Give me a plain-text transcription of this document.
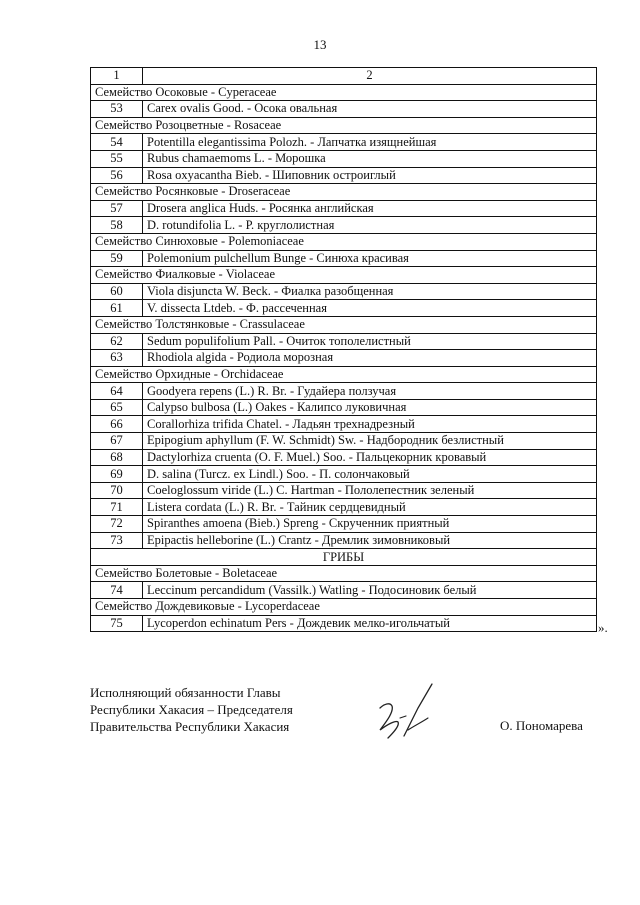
13
1	2
Семейство Осоковые - Cyperaceae	
53	Carex ovalis Good. - Осока овальная
Семейство Розоцветные - Rosaceae	
54	Potentilla elegantissima Polozh. - Лапчатка изящнейшая
55	Rubus chamaemoms L. - Морошка
56	Rosa oxyacantha Bieb. - Шиповник остроиглый
Семейство Росянковые - Droseraceae	
57	Drosera anglica Huds. - Росянка английская
58	D. rotundifolia L. - Р. круглолистная
Семейство Синюховые - Polemoniaceae	
59	Polemonium pulchellum Bunge - Синюха красивая
Семейство Фиалковые - Violaceae	
60	Viola disjuncta W. Beck. - Фиалка разобщенная
61	V. dissecta Ltdeb. - Ф. рассеченная
Семейство Толстянковые - Crassulaceae	
62	Sedum populifolium Pall. - Очиток тополелистный
63	Rhodiola algida - Родиола морозная
Семейство Орхидные - Orchidaceae	
64	Goodyera repens (L.) R. Br. - Гудайера ползучая
65	Calypso bulbosa (L.) Oakes - Калипсо луковичная
66	Corallorhiza trifida Chatel. - Ладьян трехнадрезный
67	Epipogium aphyllum (F. W. Schmidt) Sw. - Надбородник безлистный
68	Dactylorhiza cruenta (O. F. Muel.) Soo. - Пальцекорник кровавый
69	D. salina (Turcz. ex Lindl.) Soo. - П. солончаковый
70	Coeloglossum viride (L.) C. Hartman - Пололепестник зеленый
71	Listera cordata (L.) R. Br. - Тайник сердцевидный
72	Spiranthes amoena (Bieb.) Spreng - Скрученник приятный
73	Epipactis helleborine (L.) Crantz - Дремлик зимовниковый
ГРИБЫ	
Семейство Болетовые - Boletaceae	
74	Leccinum percandidum (Vassilk.) Watling - Подосиновик белый
Семейство Дождевиковые - Lycoperdaceae	
75	Lycoperdon echinatum Pers - Дождевик мелко-игольчатый	».
Исполняющий обязанности Главы
Республики Хакасия – Председателя
Правительства Республики Хакасия	О. Пономарева
